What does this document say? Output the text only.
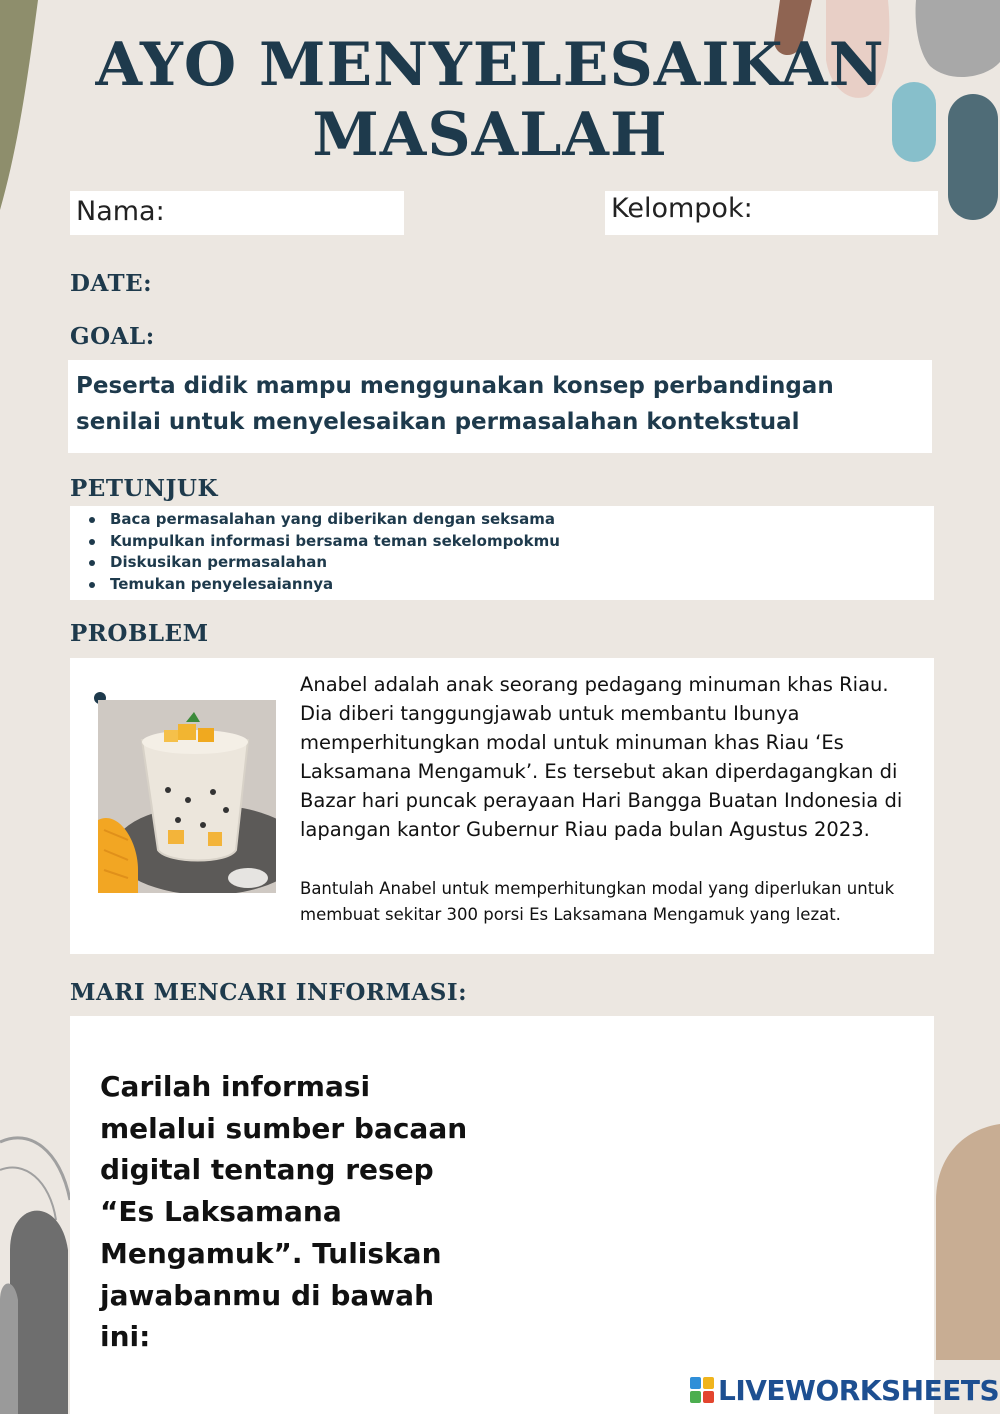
AYO MENYELESAIKAN
MASALAH
Nama:	Kelompok:
DATE:
GOAL:
Peserta didik mampu menggunakan konsep perbandingan senilai untuk menyelesaikan permasalahan kontekstual
PETUNJUK
Baca permasalahan yang diberikan dengan seksama
Kumpulkan informasi bersama teman sekelompokmu
Diskusikan permasalahan
Temukan penyelesaiannya
PROBLEM
Anabel adalah anak seorang pedagang minuman khas Riau. Dia diberi tanggungjawab untuk membantu Ibunya memperhitungkan modal untuk minuman khas Riau ‘Es Laksamana Mengamuk’. Es tersebut akan diperdagangkan di Bazar hari puncak perayaan Hari Bangga Buatan Indonesia di lapangan kantor Gubernur Riau pada bulan Agustus 2023.
Bantulah Anabel untuk memperhitungkan modal yang diperlukan untuk membuat sekitar 300 porsi Es Laksamana Mengamuk yang lezat.
MARI MENCARI INFORMASI:
Carilah informasi melalui sumber bacaan digital tentang resep “Es Laksamana Mengamuk”. Tuliskan jawabanmu di bawah ini:
LIVEWORKSHEETS
